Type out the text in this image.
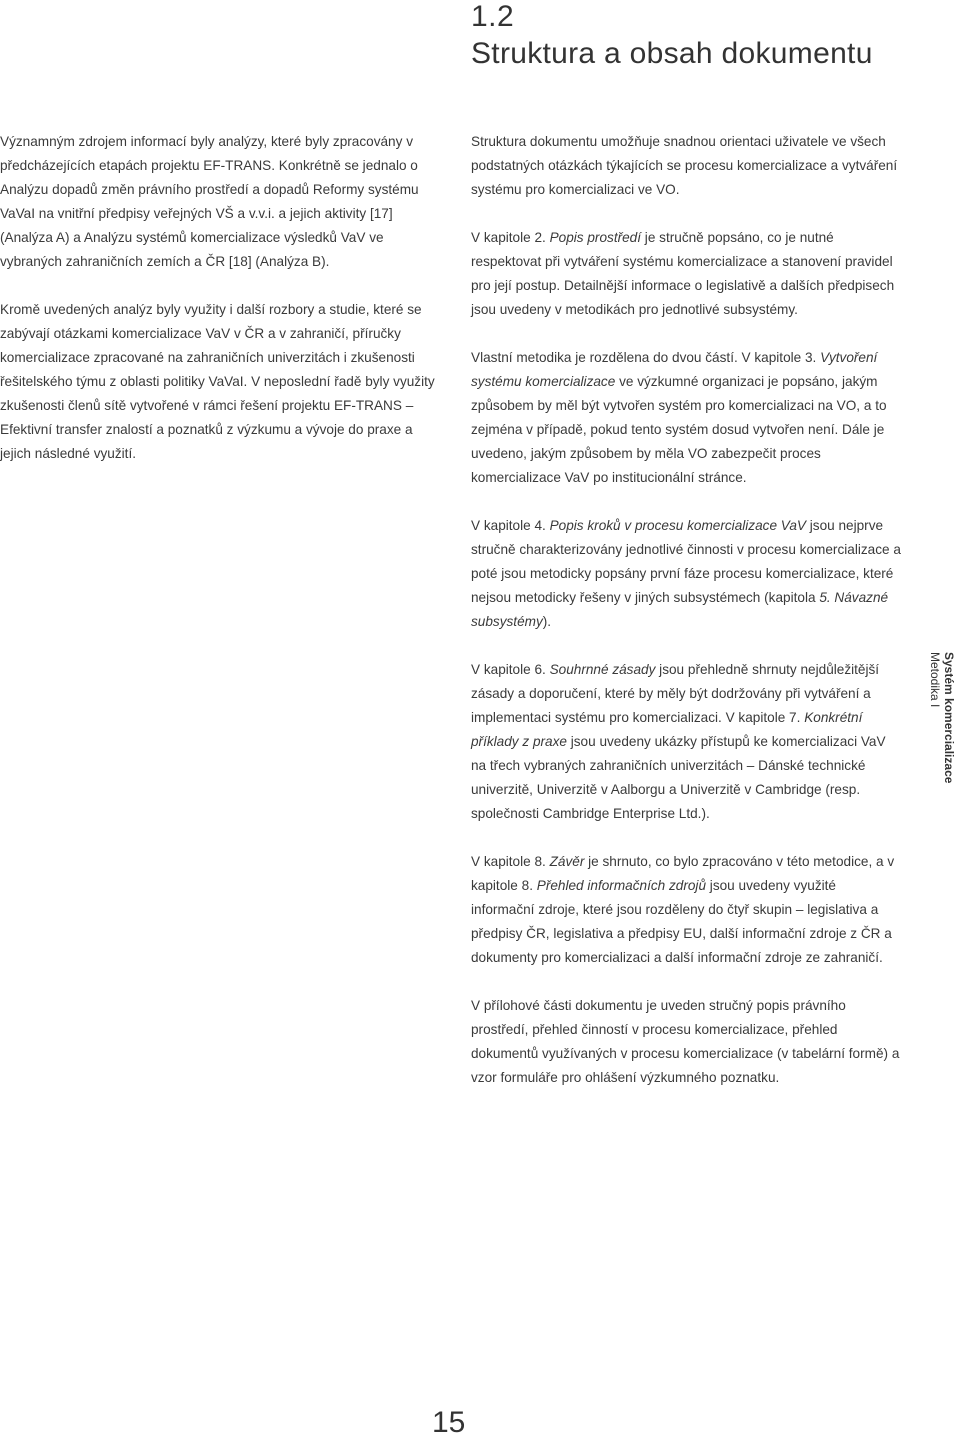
1.2
Struktura a obsah dokumentu

Významným zdrojem informací byly analýzy, které byly zpracovány v předcházejících etapách projektu EF-TRANS. Konkrétně se jednalo o Analýzu dopadů změn právního prostředí a dopadů Reformy systému VaVaI na vnitřní předpisy veřejných VŠ a v.v.i. a jejich aktivity [17] (Analýza A) a Analýzu systémů komercializace výsledků VaV ve vybraných zahraničních zemích a ČR [18] (Analýza B).

Kromě uvedených analýz byly využity i další rozbory a studie, které se zabývají otázkami komercializace VaV v ČR a v zahraničí, příručky komercializace zpracované na zahraničních univerzitách i zkušenosti řešitelského týmu z oblasti politiky VaVaI. V neposlední řadě byly využity zkušenosti členů sítě vytvořené v rámci řešení projektu EF-TRANS – Efektivní transfer znalostí a poznatků z výzkumu a vývoje do praxe a jejich následné využití.

Struktura dokumentu umožňuje snadnou orientaci uživatele ve všech podstatných otázkách týkajících se procesu komercializace a vytváření systému pro komercializaci ve VO.

V kapitole 2. Popis prostředí je stručně popsáno, co je nutné respektovat při vytváření systému komercializace a stanovení pravidel pro její postup. Detailnější informace o legislativě a dalších předpisech jsou uvedeny v metodikách pro jednotlivé subsystémy.

Vlastní metodika je rozdělena do dvou částí. V kapitole 3. Vytvoření systému komercializace ve výzkumné organizaci je popsáno, jakým způsobem by měl být vytvořen systém pro komercializaci na VO, a to zejména v případě, pokud tento systém dosud vytvořen není. Dále je uvedeno, jakým způsobem by měla VO zabezpečit proces komercializace VaV po institucionální stránce.

V kapitole 4. Popis kroků v procesu komercializace VaV jsou nejprve stručně charakterizovány jednotlivé činnosti v procesu komercializace a poté jsou metodicky popsány první fáze procesu komercializace, které nejsou metodicky řešeny v jiných subsystémech (kapitola 5. Návazné subsystémy).

V kapitole 6. Souhrnné zásady jsou přehledně shrnuty nejdůležitější zásady a doporučení, které by měly být dodržovány při vytváření a implementaci systému pro komercializaci. V kapitole 7. Konkrétní příklady z praxe jsou uvedeny ukázky přístupů ke komercializaci VaV na třech vybraných zahraničních univerzitách – Dánské technické univerzitě, Univerzitě v Aalborgu a Univerzitě v Cambridge (resp. společnosti Cambridge Enterprise Ltd.).

V kapitole 8. Závěr je shrnuto, co bylo zpracováno v této metodice, a v kapitole 8. Přehled informačních zdrojů jsou uvedeny využité informační zdroje, které jsou rozděleny do čtyř skupin – legislativa a předpisy ČR, legislativa a předpisy EU, další informační zdroje z ČR a dokumenty pro komercializaci a další informační zdroje ze zahraničí.

V přílohové části dokumentu je uveden stručný popis právního prostředí, přehled činností v procesu komercializace, přehled dokumentů využívaných v procesu komercializace (v tabelární formě) a vzor formuláře pro ohlášení výzkumného poznatku.

Systém komercializace
Metodika I
15
